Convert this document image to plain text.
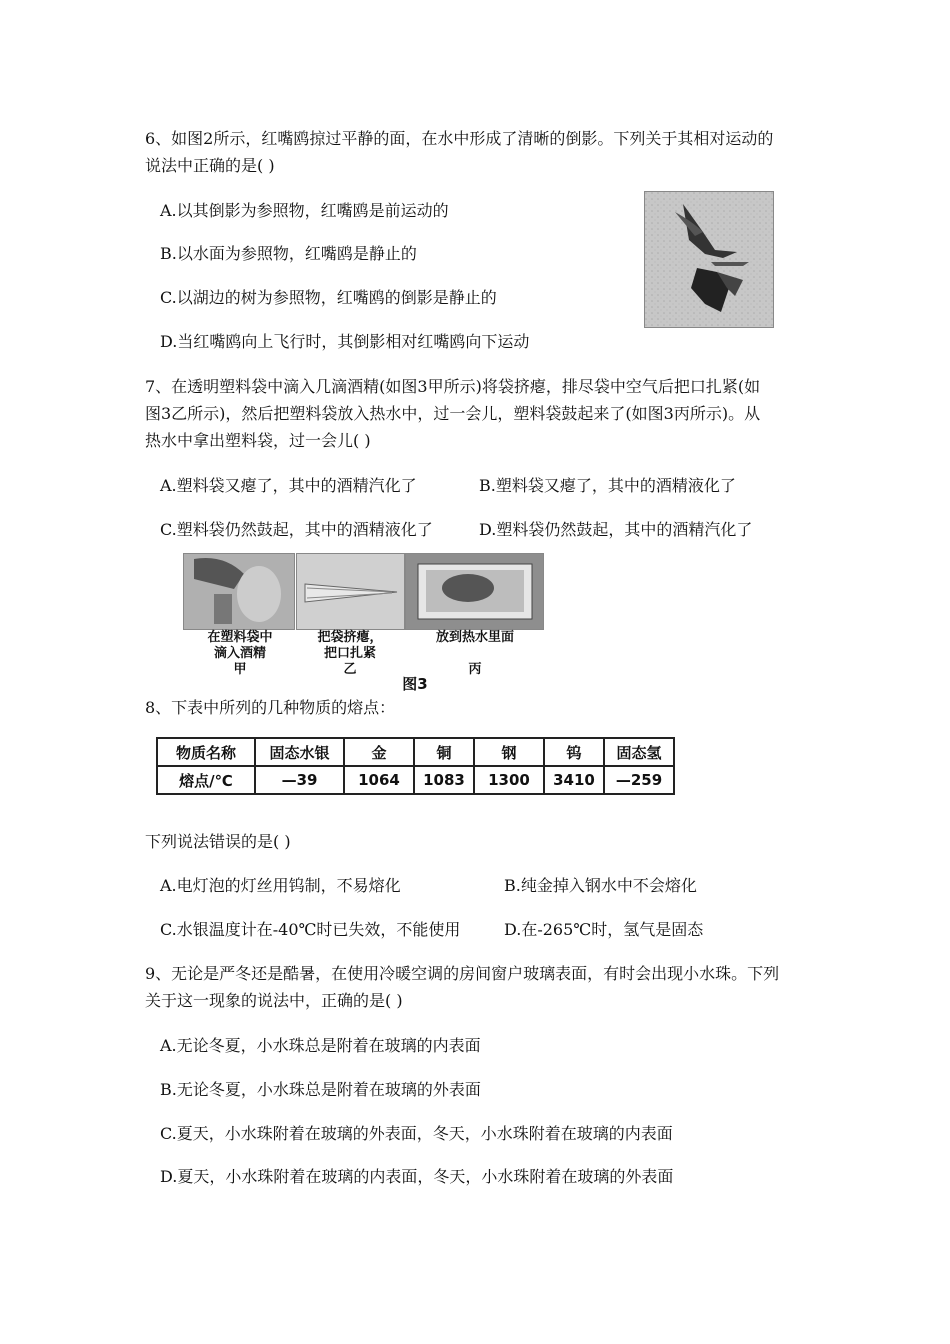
6、如图2所示，红嘴鸥掠过平静的面，在水中形成了清晰的倒影。下列关于其相对运动的
说法中正确的是( )
A.以其倒影为参照物，红嘴鸥是前运动的
B.以水面为参照物，红嘴鸥是静止的
C.以湖边的树为参照物，红嘴鸥的倒影是静止的
D.当红嘴鸥向上飞行时，其倒影相对红嘴鸥向下运动
7、在透明塑料袋中滴入几滴酒精(如图3甲所示)将袋挤瘪，排尽袋中空气后把口扎紧(如
图3乙所示)，然后把塑料袋放入热水中，过一会儿，塑料袋鼓起来了(如图3丙所示)。从
热水中拿出塑料袋，过一会儿( )
A.塑料袋又瘪了，其中的酒精汽化了	B.塑料袋又瘪了，其中的酒精液化了
C.塑料袋仍然鼓起，其中的酒精液化了	D.塑料袋仍然鼓起，其中的酒精汽化了
在塑料袋中
滴入酒精
甲
把袋挤瘪，
把口扎紧
乙
放到热水里面
丙
图3
8、下表中所列的几种物质的熔点：
物质名称	固态水银	金	铜	钢	钨	固态氢
熔点/℃	—39	1064	1083	1300	3410	—259
下列说法错误的是( )
A.电灯泡的灯丝用钨制，不易熔化	B.纯金掉入钢水中不会熔化
C.水银温度计在-40℃时已失效，不能使用	D.在-265℃时，氢气是固态
9、无论是严冬还是酷暑，在使用冷暖空调的房间窗户玻璃表面，有时会出现小水珠。下列
关于这一现象的说法中，正确的是( )
A.无论冬夏，小水珠总是附着在玻璃的内表面
B.无论冬夏，小水珠总是附着在玻璃的外表面
C.夏天，小水珠附着在玻璃的外表面，冬天，小水珠附着在玻璃的内表面
D.夏天，小水珠附着在玻璃的内表面，冬天，小水珠附着在玻璃的外表面
